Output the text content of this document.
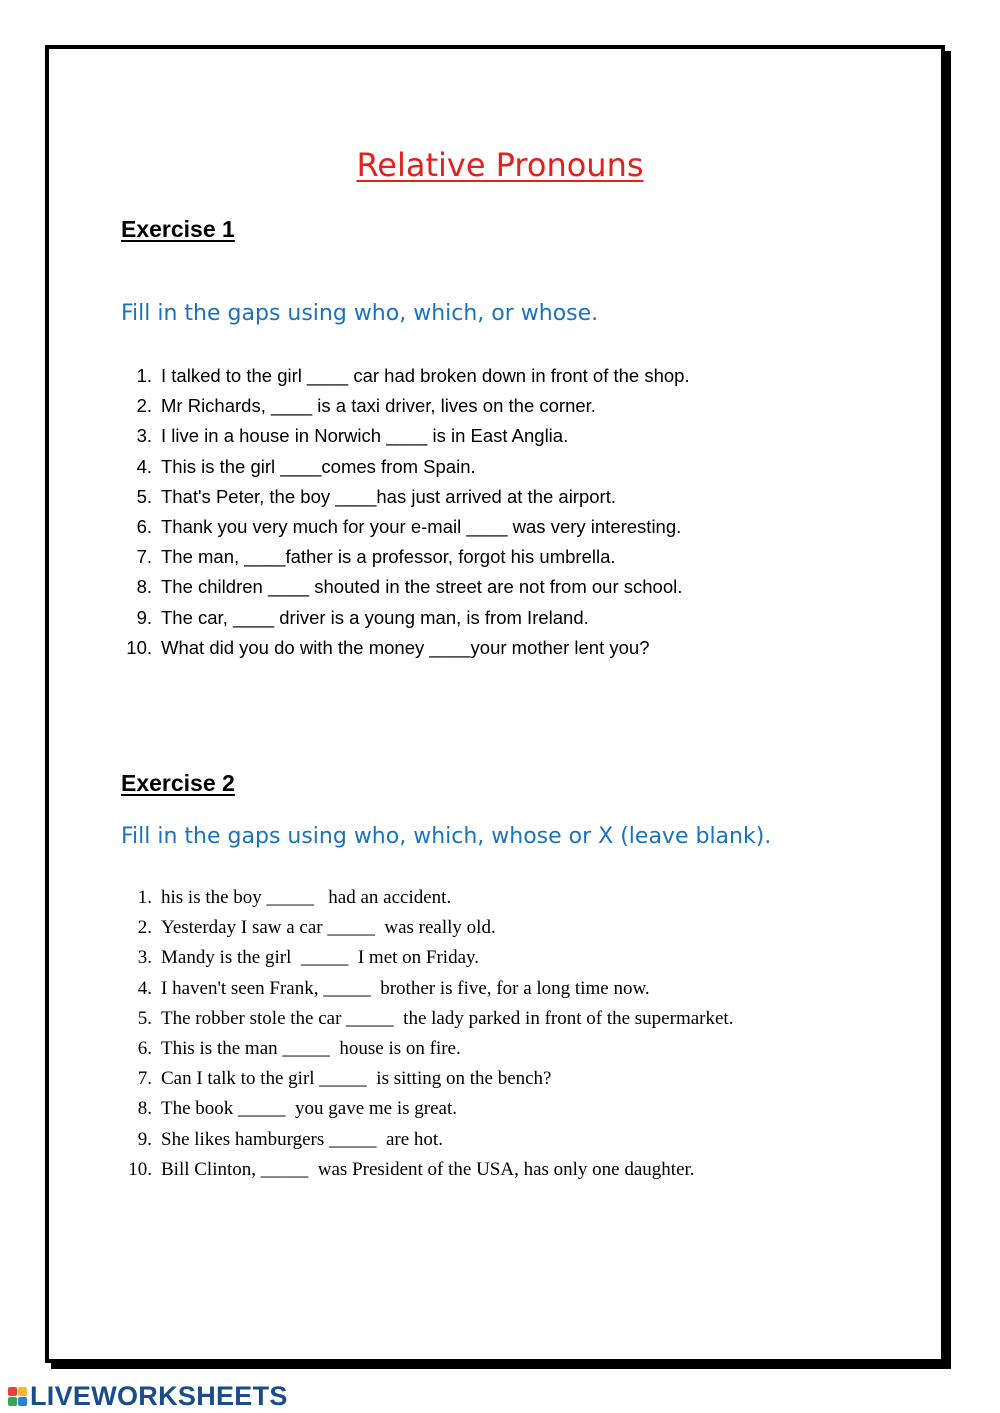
Relative Pronouns
Exercise 1
Fill in the gaps using who, which, or whose.
1. I talked to the girl ____ car had broken down in front of the shop.
2. Mr Richards, ____ is a taxi driver, lives on the corner.
3. I live in a house in Norwich ____ is in East Anglia.
4. This is the girl ____comes from Spain.
5. That's Peter, the boy ____has just arrived at the airport.
6. Thank you very much for your e-mail ____ was very interesting.
7. The man, ____father is a professor, forgot his umbrella.
8. The children ____ shouted in the street are not from our school.
9. The car, ____ driver is a young man, is from Ireland.
10. What did you do with the money ____your mother lent you?
Exercise 2
Fill in the gaps using who, which, whose or X (leave blank).
1. his is the boy _____   had an accident.
2. Yesterday I saw a car _____  was really old.
3. Mandy is the girl  _____  I met on Friday.
4. I haven't seen Frank, _____  brother is five, for a long time now.
5. The robber stole the car _____  the lady parked in front of the supermarket.
6. This is the man _____  house is on fire.
7. Can I talk to the girl _____  is sitting on the bench?
8. The book _____  you gave me is great.
9. She likes hamburgers _____  are hot.
10. Bill Clinton, _____  was President of the USA, has only one daughter.
LIVEWORKSHEETS
